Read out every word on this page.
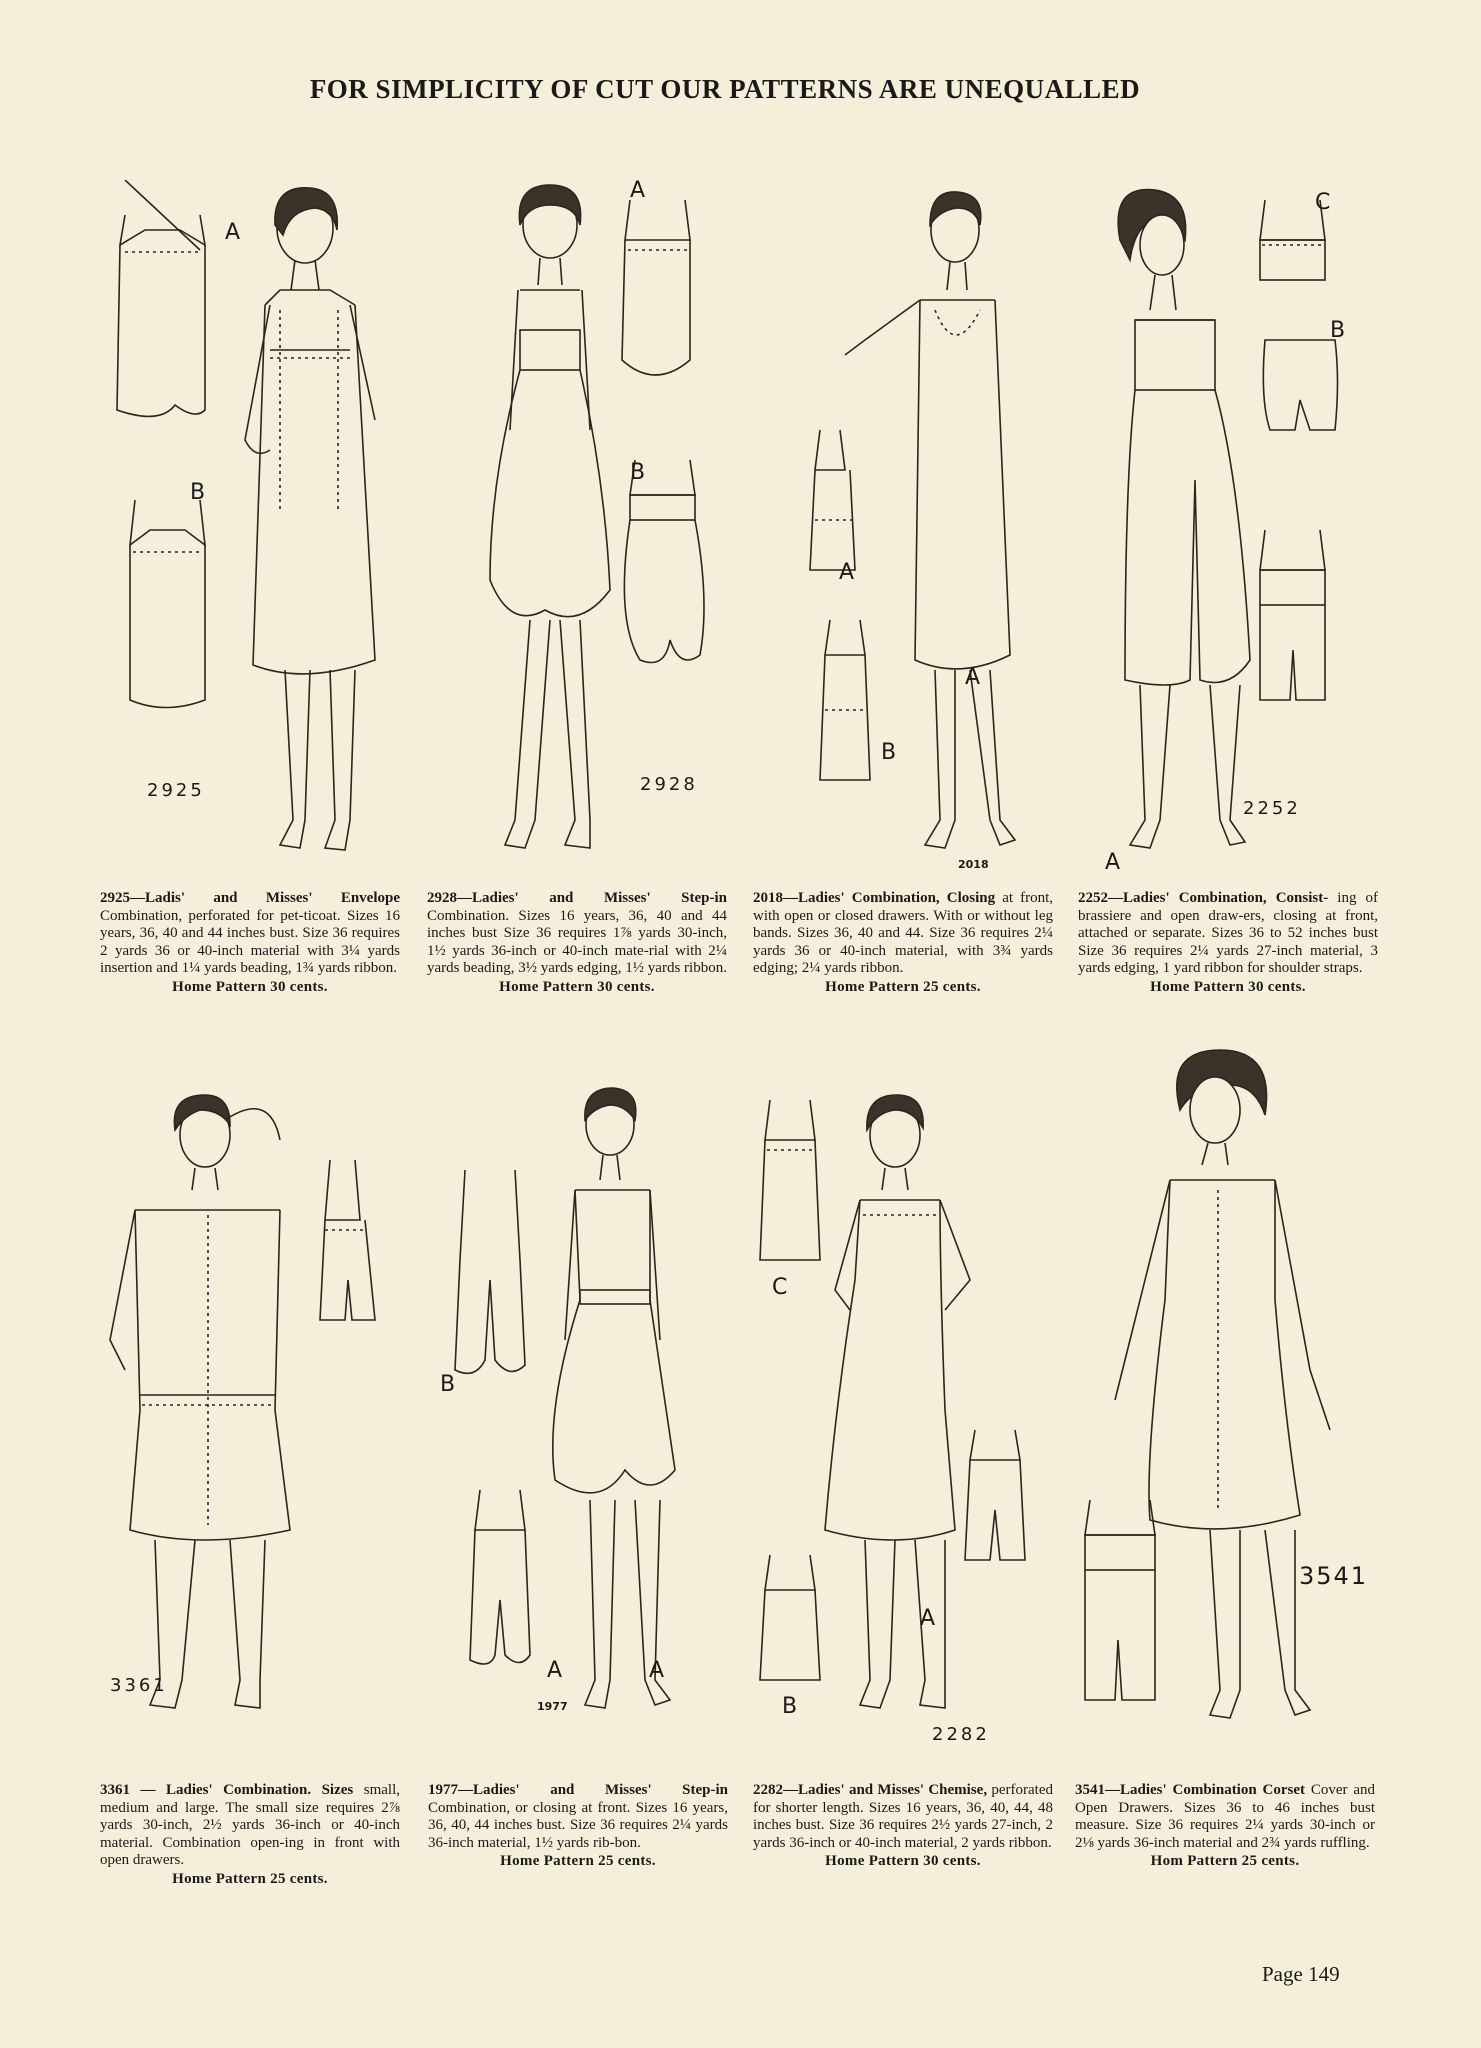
FOR SIMPLICITY OF CUT OUR PATTERNS ARE UNEQUALLED
A
B
2925
2925—Ladis' and Misses' Envelope Combination, perforated for pet-ticoat. Sizes 16 years, 36, 40 and 44 inches bust. Size 36 requires 2 yards 36 or 40-inch material with 3¼ yards insertion and 1¼ yards beading, 1¾ yards ribbon.
Home Pattern 30 cents.
A
B
2928
2928—Ladies' and Misses' Step-in Combination. Sizes 16 years, 36, 40 and 44 inches bust Size 36 requires 1⅞ yards 30-inch, 1½ yards 36-inch or 40-inch mate-rial with 2¼ yards beading, 3½ yards edging, 1½ yards ribbon.
Home Pattern 30 cents.
A
B
A
2018
2018—Ladies' Combination, Closing at front, with open or closed drawers. With or without leg bands. Sizes 36, 40 and 44. Size 36 requires 2¼ yards 36 or 40-inch material, with 3¾ yards edging; 2¼ yards ribbon.
Home Pattern 25 cents.
C
B
A
2252
2252—Ladies' Combination, Consist- ing of brassiere and open draw-ers, closing at front, attached or separate. Sizes 36 to 52 inches bust Size 36 requires 2¼ yards 27-inch material, 3 yards edging, 1 yard ribbon for shoulder straps.
Home Pattern 30 cents.
3361
3361 — Ladies' Combination. Sizes small, medium and large. The small size requires 2⅞ yards 30-inch, 2½ yards 36-inch or 40-inch material. Combination open-ing in front with open drawers.
Home Pattern 25 cents.
B
A	A
1977
1977—Ladies' and Misses' Step-in Combination, or closing at front. Sizes 16 years, 36, 40, 44 inches bust. Size 36 requires 2¼ yards 36-inch material, 1½ yards rib-bon.
Home Pattern 25 cents.
C
A
B
2282
2282—Ladies' and Misses' Chemise, perforated for shorter length. Sizes 16 years, 36, 40, 44, 48 inches bust. Size 36 requires 2½ yards 27-inch, 2 yards 36-inch or 40-inch material, 2 yards ribbon.
Home Pattern 30 cents.
3541
3541—Ladies' Combination Corset Cover and Open Drawers. Sizes 36 to 46 inches bust measure. Size 36 requires 2¼ yards 30-inch or 2⅛ yards 36-inch material and 2¾ yards ruffling.
Hom Pattern 25 cents.
Page 149
